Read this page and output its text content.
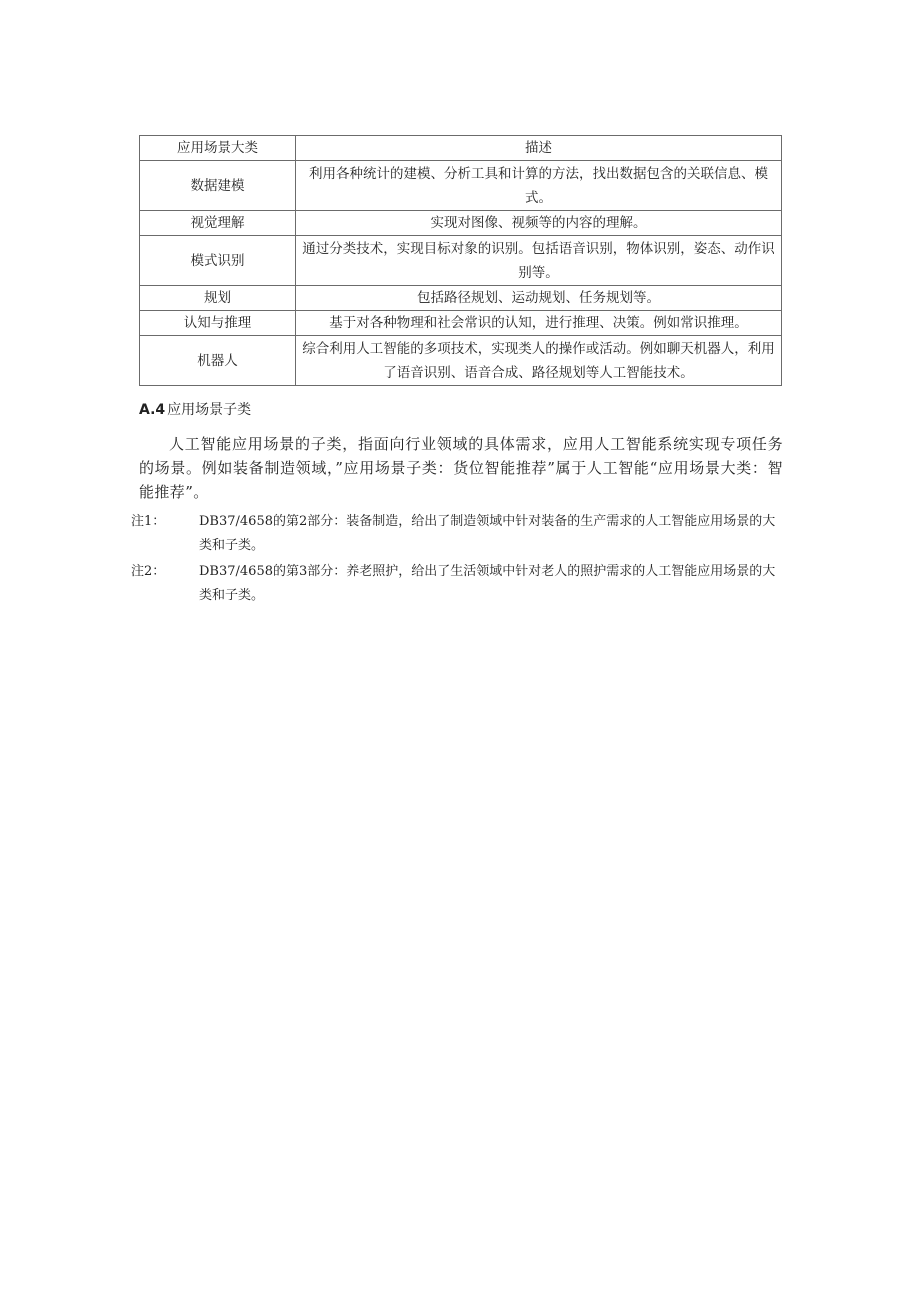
应用场景大类	描述
数据建模	利用各种统计的建模、分析工具和计算的方法，找出数据包含的关联信息、模式。
视觉理解	实现对图像、视频等的内容的理解。
模式识别	通过分类技术，实现目标对象的识别。包括语音识别，物体识别，姿态、动作识别等。
规划	包括路径规划、运动规划、任务规划等。
认知与推理	基于对各种物理和社会常识的认知，进行推理、决策。例如常识推理。
机器人	综合利用人工智能的多项技术，实现类人的操作或活动。例如聊天机器人，利用了语音识别、语音合成、路径规划等人工智能技术。
A.4 应用场景子类
人工智能应用场景的子类，指面向行业领域的具体需求，应用人工智能系统实现专项任务的场景。例如装备制造领域，”应用场景子类：货位智能推荐”属于人工智能“应用场景大类：智能推荐”。
注1：	DB37/4658的第2部分：装备制造，给出了制造领域中针对装备的生产需求的人工智能应用场景的大类和子类。
注2：	DB37/4658的第3部分：养老照护，给出了生活领域中针对老人的照护需求的人工智能应用场景的大类和子类。
